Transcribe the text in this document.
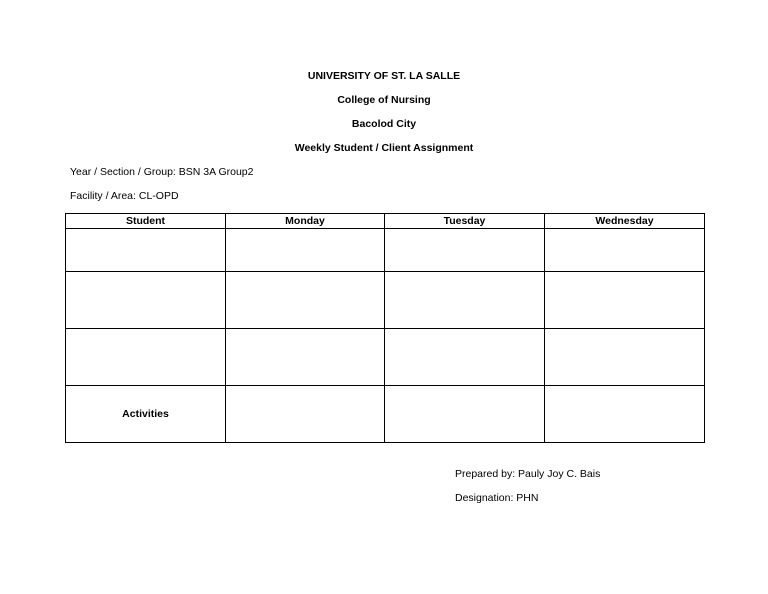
UNIVERSITY OF ST. LA SALLE
College of Nursing
Bacolod City
Weekly Student / Client Assignment
Year / Section / Group: BSN 3A Group2
Facility / Area: CL-OPD
Student	Monday	Tuesday	Wednesday

Activities			
Prepared by: Pauly Joy C. Bais
Designation: PHN
